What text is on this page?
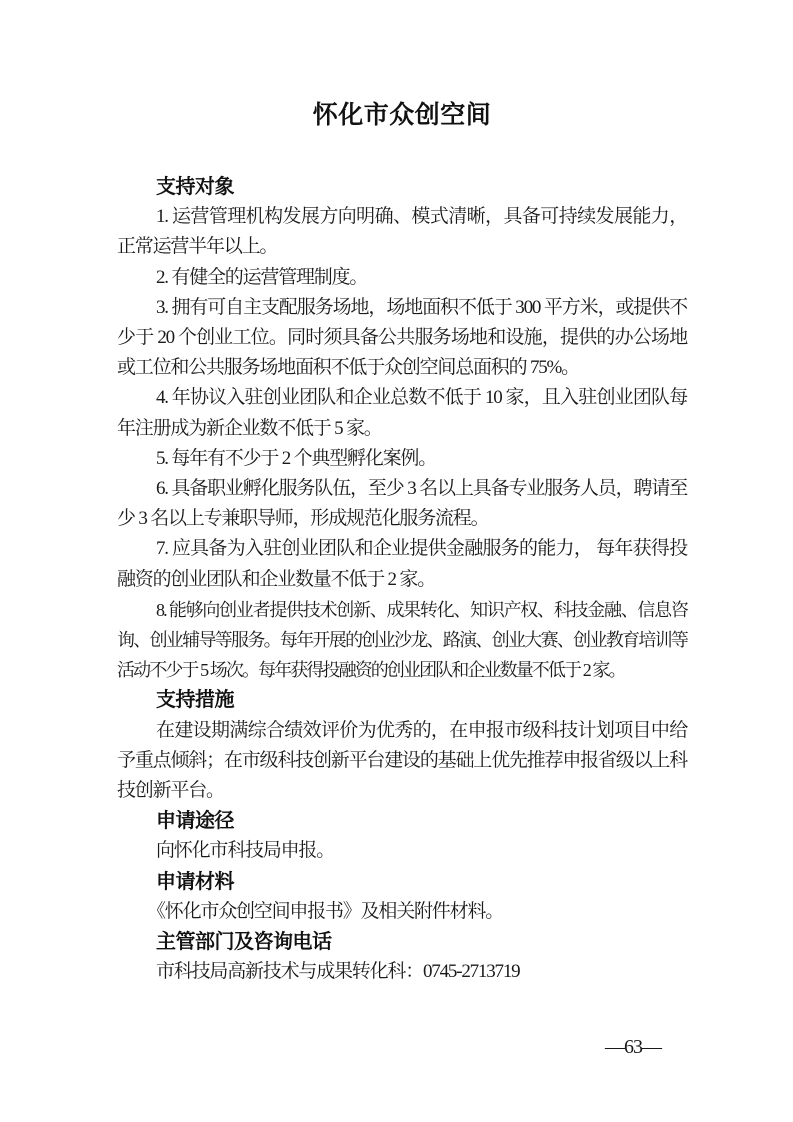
怀化市众创空间
支持对象

1. 运营管理机构发展方向明确、模式清晰，具备可持续发展能力，正常运营半年以上。

2. 有健全的运营管理制度。

3. 拥有可自主支配服务场地，场地面积不低于 300 平方米，或提供不少于 20 个创业工位。同时须具备公共服务场地和设施，提供的办公场地或工位和公共服务场地面积不低于众创空间总面积的 75%。

4. 年协议入驻创业团队和企业总数不低于 10 家，且入驻创业团队每年注册成为新企业数不低于 5 家。

5. 每年有不少于 2 个典型孵化案例。

6. 具备职业孵化服务队伍，至少 3 名以上具备专业服务人员，聘请至少 3 名以上专兼职导师，形成规范化服务流程。

7. 应具备为入驻创业团队和企业提供金融服务的能力， 每年获得投融资的创业团队和企业数量不低于 2 家。

8. 能够向创业者提供技术创新、成果转化、知识产权、科技金融、信息咨询、创业辅导等服务。每年开展的创业沙龙、路演、创业大赛、创业教育培训等活动不少于 5 场次。每年获得投融资的创业团队和企业数量不低于 2 家。

支持措施

在建设期满综合绩效评价为优秀的，在申报市级科技计划项目中给予重点倾斜；在市级科技创新平台建设的基础上优先推荐申报省级以上科技创新平台。

申请途径

向怀化市科技局申报。

申请材料

《怀化市众创空间申报书》及相关附件材料。

主管部门及咨询电话

市科技局高新技术与成果转化科：0745-2713719

—63—
